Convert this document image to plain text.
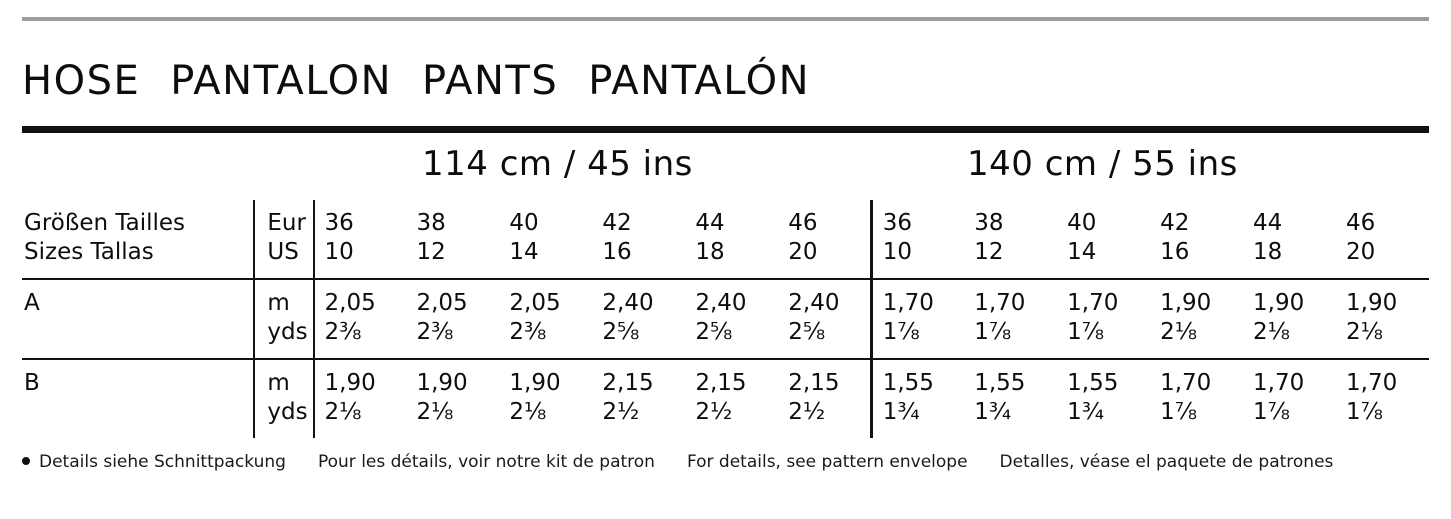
HOSE PANTALON PANTS PANTALÓN
114 cm / 45 ins	140 cm / 55 ins
Größen Tailles	Eur	36	38	40	42	44	46	36	38	40	42	44	46
Sizes Tallas	US	10	12	14	16	18	20	10	12	14	16	18	20
A	m	2,05	2,05	2,05	2,40	2,40	2,40	1,70	1,70	1,70	1,90	1,90	1,90
	yds	2⅜	2⅜	2⅜	2⅝	2⅝	2⅝	1⅞	1⅞	1⅞	2⅛	2⅛	2⅛
B	m	1,90	1,90	1,90	2,15	2,15	2,15	1,55	1,55	1,55	1,70	1,70	1,70
	yds	2⅛	2⅛	2⅛	2½	2½	2½	1¾	1¾	1¾	1⅞	1⅞	1⅞
Details siehe Schnittpackung Pour les détails, voir notre kit de patron For details, see pattern envelope Detalles, véase el paquete de patrones
